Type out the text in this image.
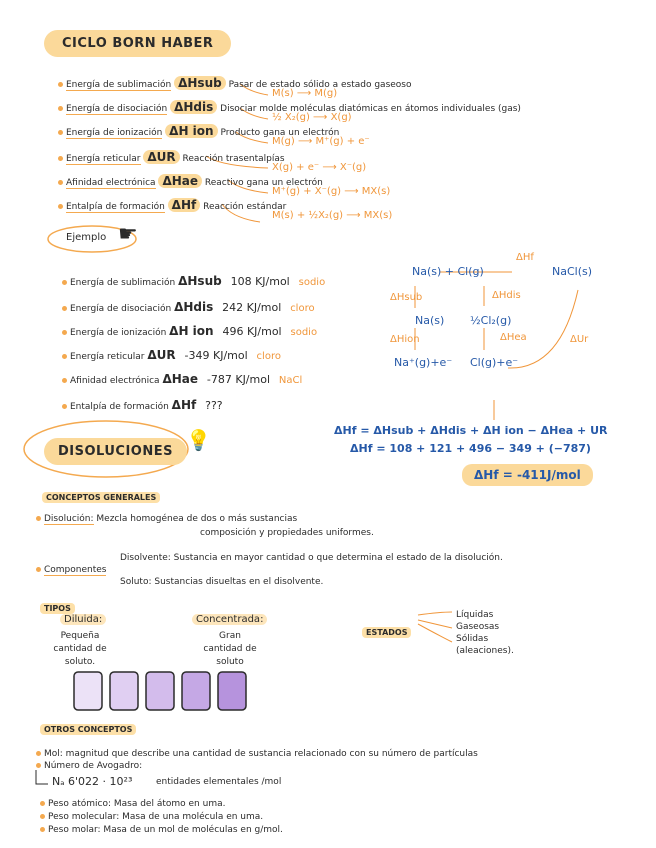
CICLO BORN HABER
Energía de sublimación ΔHsub Pasar de estado sólido a estado gaseoso
M(s) ⟶ M(g)
Energía de disociación ΔHdis Disociar molde moléculas diatómicas en átomos individuales (gas)
½ X₂(g) ⟶ X(g)
Energía de ionización ΔH ion Producto gana un electrón
M(g) ⟶ M⁺(g) + e⁻
Energía reticular ΔUR Reacción trasentalpías
X(g) + e⁻ ⟶ X⁻(g)
Afinidad electrónica ΔHae Reactivo gana un electrón
M⁺(g) + X⁻(g) ⟶ MX(s)
Entalpía de formación ΔHf Reacción estándar
M(s) + ½X₂(g) ⟶ MX(s)
Ejemplo ☛
Energía de sublimación ΔHsub 108 KJ/mol sodio
Energía de disociación ΔHdis 242 KJ/mol cloro
Energía de ionización ΔH ion 496 KJ/mol sodio
Energía reticular ΔUR -349 KJ/mol cloro
Afinidad electrónica ΔHae -787 KJ/mol NaCl
Entalpía de formación ΔHf ???
Na(s) + Cl(g)
ΔHf
NaCl(s)
ΔHsub	ΔHdis
Na(s) ½Cl₂(g)
ΔHion	ΔHea	ΔUr
Na⁺(g)+e⁻ Cl(g)+e⁻
ΔHf = ΔHsub + ΔHdis + ΔH ion − ΔHea + UR
ΔHf = 108 + 121 + 496 − 349 + (−787)
ΔHf = -411J/mol
DISOLUCIONES 💡
CONCEPTOS GENERALES
Disolución: Mezcla homogénea de dos o más sustancias
composición y propiedades uniformes.
Componentes
Disolvente: Sustancia en mayor cantidad o que determina el estado de la disolución.
Soluto: Sustancias disueltas en el disolvente.
TIPOS
Diluida:
Pequeña
cantidad de
soluto.
Concentrada:
Gran
cantidad de
soluto
ESTADOS
Líquidas
Gaseosas
Sólidas
(aleaciones).
OTROS CONCEPTOS
Mol: magnitud que describe una cantidad de sustancia relacionado con su número de partículas
Número de Avogadro:
Nₐ 6'022 · 10²³	entidades elementales /mol
Peso atómico: Masa del átomo en uma.
Peso molecular: Masa de una molécula en uma.
Peso molar: Masa de un mol de moléculas en g/mol.
